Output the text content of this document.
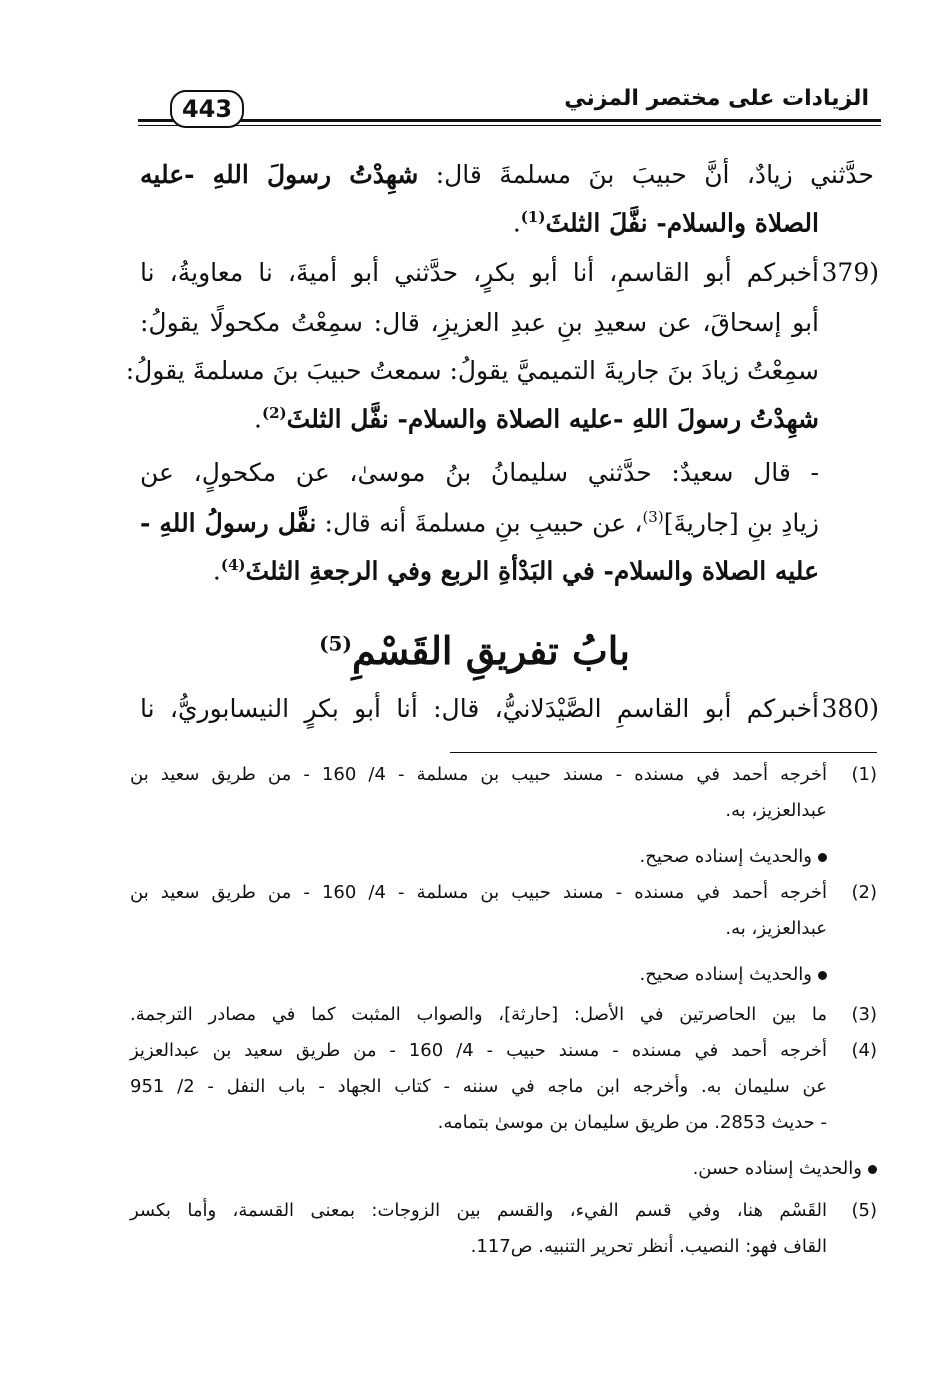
الزيادات على مختصر المزني
443
حدَّثني زيادٌ، أنَّ حبيبَ بنَ مسلمةَ قال: شهِدْتُ رسولَ اللهِ -عليه
الصلاة والسلام- نفَّلَ الثلثَ$^{(1)}$.
379)
أخبركم أبو القاسمِ، أنا أبو بكرٍ، حدَّثني أبو أميةَ، نا معاويةُ، نا
أبو إسحاقَ، عن سعيدِ بنِ عبدِ العزيزِ، قال: سمِعْتُ مكحولًا يقولُ:
سمِعْتُ زيادَ بنَ جاريةَ التميميَّ يقولُ: سمعتُ حبيبَ بنَ مسلمةَ يقولُ:
شهِدْتُ رسولَ اللهِ -عليه الصلاة والسلام- نفَّل الثلثَ$^{(2)}$.
- قال سعيدٌ: حدَّثني سليمانُ بنُ موسىٰ، عن مكحولٍ، عن
زيادِ بنِ [جاريةَ]$^{(3)}$، عن حبيبِ بنِ مسلمةَ أنه قال: نفَّل رسولُ اللهِ -
عليه الصلاة والسلام- في البَدْأةِ الربع وفي الرجعةِ الثلثَ$^{(4)}$.
بابُ تفريقِ القَسْمِ$^{(5)}$
380)
أخبركم أبو القاسمِ الصَّيْدَلانيُّ، قال: أنا أبو بكرٍ النيسابوريُّ، نا
(1)
أخرجه أحمد في مسنده - مسند حبيب بن مسلمة - 4/ 160 - من طريق سعيد بن
عبدالعزيز، به.
والحديث إسناده صحيح.
(2)
أخرجه أحمد في مسنده - مسند حبيب بن مسلمة - 4/ 160 - من طريق سعيد بن
عبدالعزيز، به.
والحديث إسناده صحيح.
(3)
ما بين الحاصرتين في الأصل: [حارثة]، والصواب المثبت كما في مصادر الترجمة.
(4)
أخرجه أحمد في مسنده - مسند حبيب - 4/ 160 - من طريق سعيد بن عبدالعزيز
عن سليمان به. وأخرجه ابن ماجه في سننه - كتاب الجهاد - باب النفل - 2/ 951
- حديث 2853. من طريق سليمان بن موسىٰ بتمامه.
والحديث إسناده حسن.
(5)
القَسْم هنا، وفي قسم الفيء، والقسم بين الزوجات: بمعنى القسمة، وأما بكسر
القاف فهو: النصيب. أنظر تحرير التنبيه. ص117.
